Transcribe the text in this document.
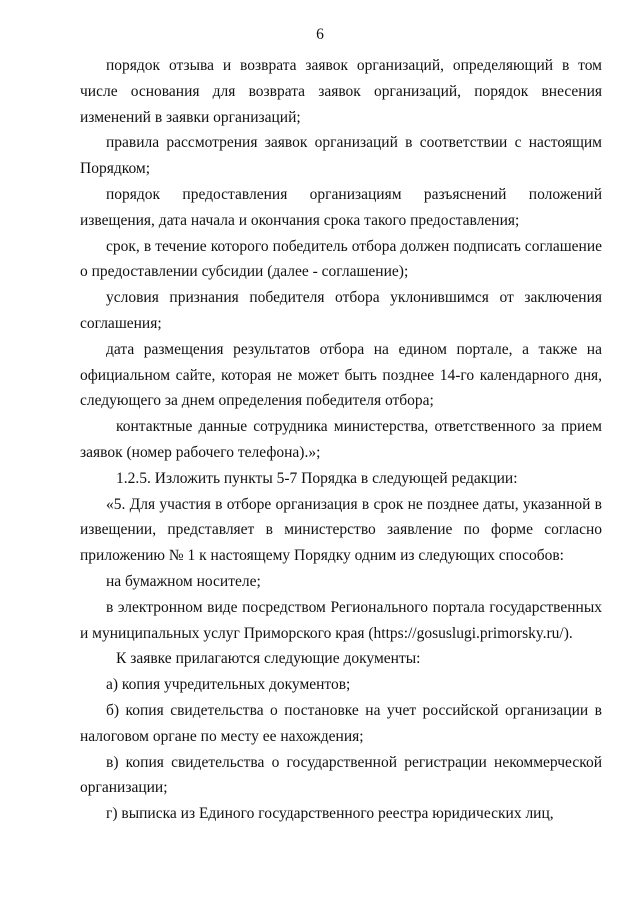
6

порядок отзыва и возврата заявок организаций, определяющий в том числе основания для возврата заявок организаций, порядок внесения изменений в заявки организаций;

правила рассмотрения заявок организаций в соответствии с настоящим Порядком;

порядок предоставления организациям разъяснений положений извещения, дата начала и окончания срока такого предоставления;

срок, в течение которого победитель отбора должен подписать соглашение о предоставлении субсидии (далее - соглашение);

условия признания победителя отбора уклонившимся от заключения соглашения;

дата размещения результатов отбора на едином портале, а также на официальном сайте, которая не может быть позднее 14-го календарного дня, следующего за днем определения победителя отбора;

контактные данные сотрудника министерства, ответственного за прием заявок (номер рабочего телефона).»;

1.2.5. Изложить пункты 5-7 Порядка в следующей редакции:

«5. Для участия в отборе организация в срок не позднее даты, указанной в извещении, представляет в министерство заявление по форме согласно приложению № 1 к настоящему Порядку одним из следующих способов:

на бумажном носителе;

в электронном виде посредством Регионального портала государственных и муниципальных услуг Приморского края (https://gosuslugi.primorsky.ru/).

К заявке прилагаются следующие документы:

а) копия учредительных документов;

б) копия свидетельства о постановке на учет российской организации в налоговом органе по месту ее нахождения;

в) копия свидетельства о государственной регистрации некоммерческой организации;

г) выписка из Единого государственного реестра юридических лиц,
